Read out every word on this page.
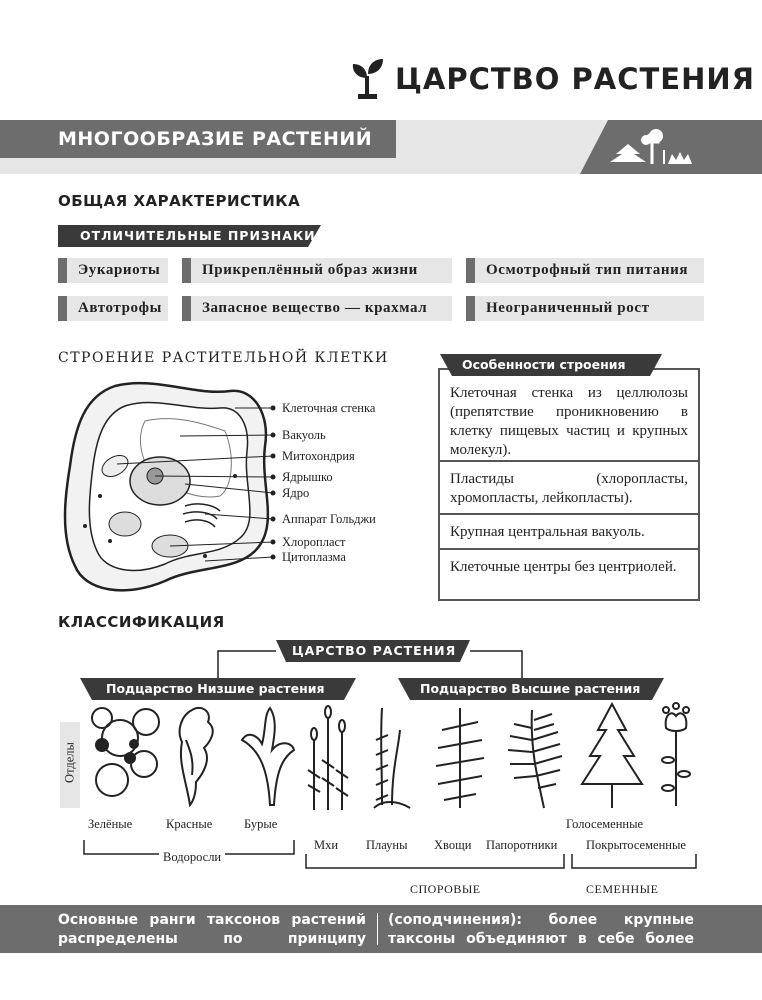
ЦАРСТВО РАСТЕНИЯ
МНОГООБРАЗИЕ РАСТЕНИЙ
ОБЩАЯ ХАРАКТЕРИСТИКА
ОТЛИЧИТЕЛЬНЫЕ ПРИЗНАКИ
Эукариоты	Прикреплённый образ жизни	Осмотрофный тип питания
Автотрофы	Запасное вещество — крахмал	Неограниченный рост
СТРОЕНИЕ РАСТИТЕЛЬНОЙ КЛЕТКИ
Клеточная стенка
Вакуоль
Митохондрия
Ядрышко
Ядро
Аппарат Гольджи
Хлоропласт
Цитоплазма
Клеточная стенка из целлюлозы (препятствие проникновению в клетку пищевых частиц и крупных молекул).
Пластиды (хлоропласты, хромопласты, лейкопласты).
Крупная центральная вакуоль.
Клеточные центры без центриолей.
Особенности строения
КЛАССИФИКАЦИЯ
ЦАРСТВО РАСТЕНИЯ
Подцарство Низшие растения	Подцарство Высшие растения
Отделы
Зелёные	Красные	Бурые	Голосеменные
Водоросли
Мхи Плауны Хвощи Папоротники Покрытосеменные
СПОРОВЫЕ	СЕМЕННЫЕ
Основные ранги таксонов растений распределены по принципу иерархичности
(соподчинения): более крупные таксоны объединяют в себе более мелкие.
